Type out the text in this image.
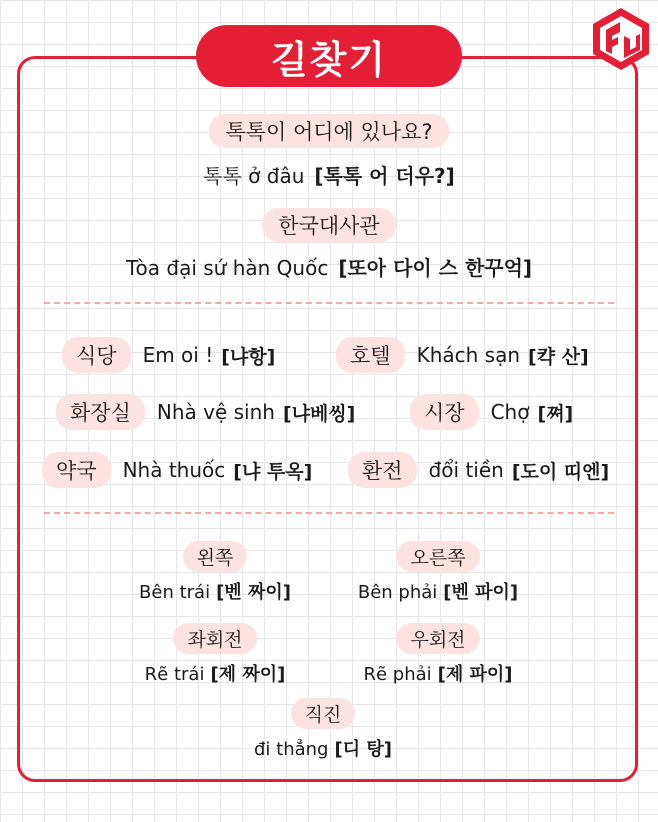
길찾기
톡톡이 어디에 있나요?
톡톡 ở đâu [톡톡 어 더우?]
한국대사관
Tòa đại sứ hàn Quốc [또아 다이 스 한꾸억]
식당	Em oi ! [냐항]	호텔	Khách sạn [캭 산]
화장실	Nhà vệ sinh [냐베씽]	시장	Chợ [쪄]
약국	Nhà thuốc [냐 투옥]	환전	đổi tiền [도이 띠엔]
왼쪽
Bên trái [벤 짜이]
오른쪽
Bên phải [벤 파이]
좌회전
Rẽ trái [제 짜이]
우회전
Rẽ phải [제 파이]
직진
đi thẳng [디 탕]
